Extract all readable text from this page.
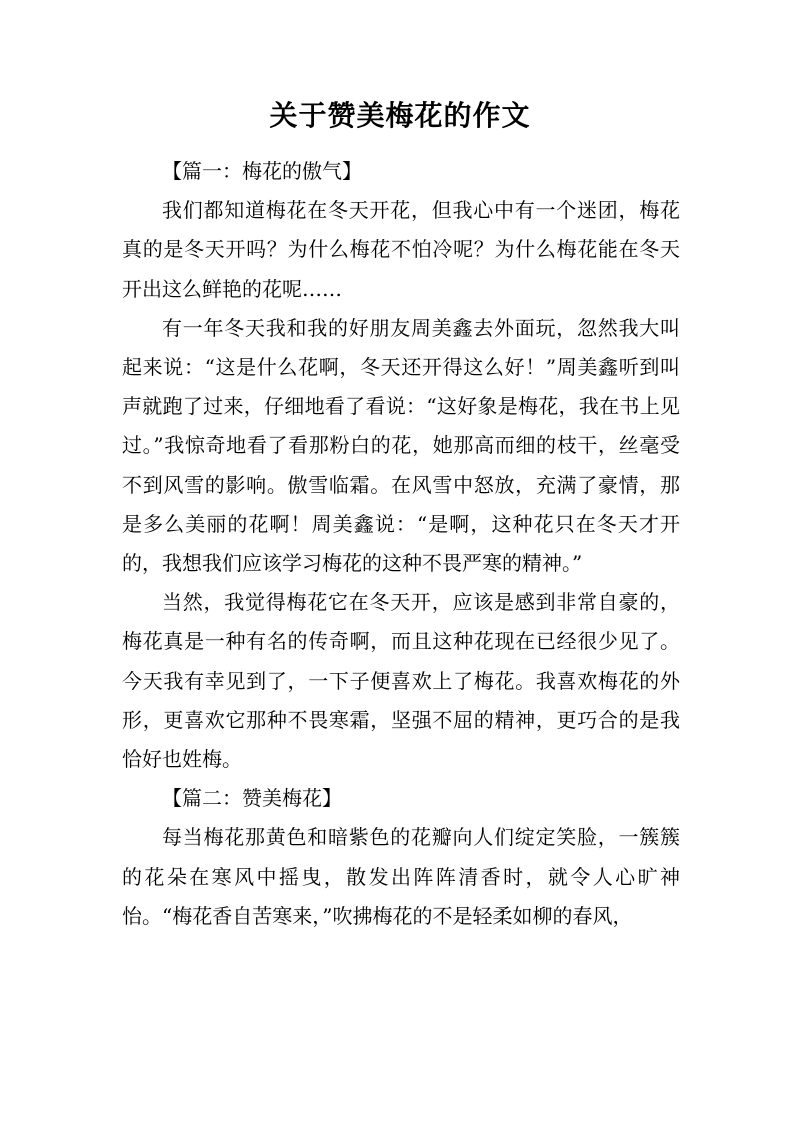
关于赞美梅花的作文

【篇一：梅花的傲气】

我们都知道梅花在冬天开花，但我心中有一个迷团，梅花真的是冬天开吗？为什么梅花不怕冷呢？为什么梅花能在冬天开出这么鲜艳的花呢……

有一年冬天我和我的好朋友周美鑫去外面玩，忽然我大叫起来说：“这是什么花啊，冬天还开得这么好！”周美鑫听到叫声就跑了过来，仔细地看了看说：“这好象是梅花，我在书上见过。”我惊奇地看了看那粉白的花，她那高而细的枝干，丝毫受不到风雪的影响。傲雪临霜。在风雪中怒放，充满了豪情，那是多么美丽的花啊！周美鑫说：“是啊，这种花只在冬天才开的，我想我们应该学习梅花的这种不畏严寒的精神。”

当然，我觉得梅花它在冬天开，应该是感到非常自豪的，梅花真是一种有名的传奇啊，而且这种花现在已经很少见了。今天我有幸见到了，一下子便喜欢上了梅花。我喜欢梅花的外形，更喜欢它那种不畏寒霜，坚强不屈的精神，更巧合的是我恰好也姓梅。

【篇二：赞美梅花】

每当梅花那黄色和暗紫色的花瓣向人们绽定笑脸，一簇簇的花朵在寒风中摇曳，散发出阵阵清香时，就令人心旷神怡。“梅花香自苦寒来，”吹拂梅花的不是轻柔如柳的春风，
